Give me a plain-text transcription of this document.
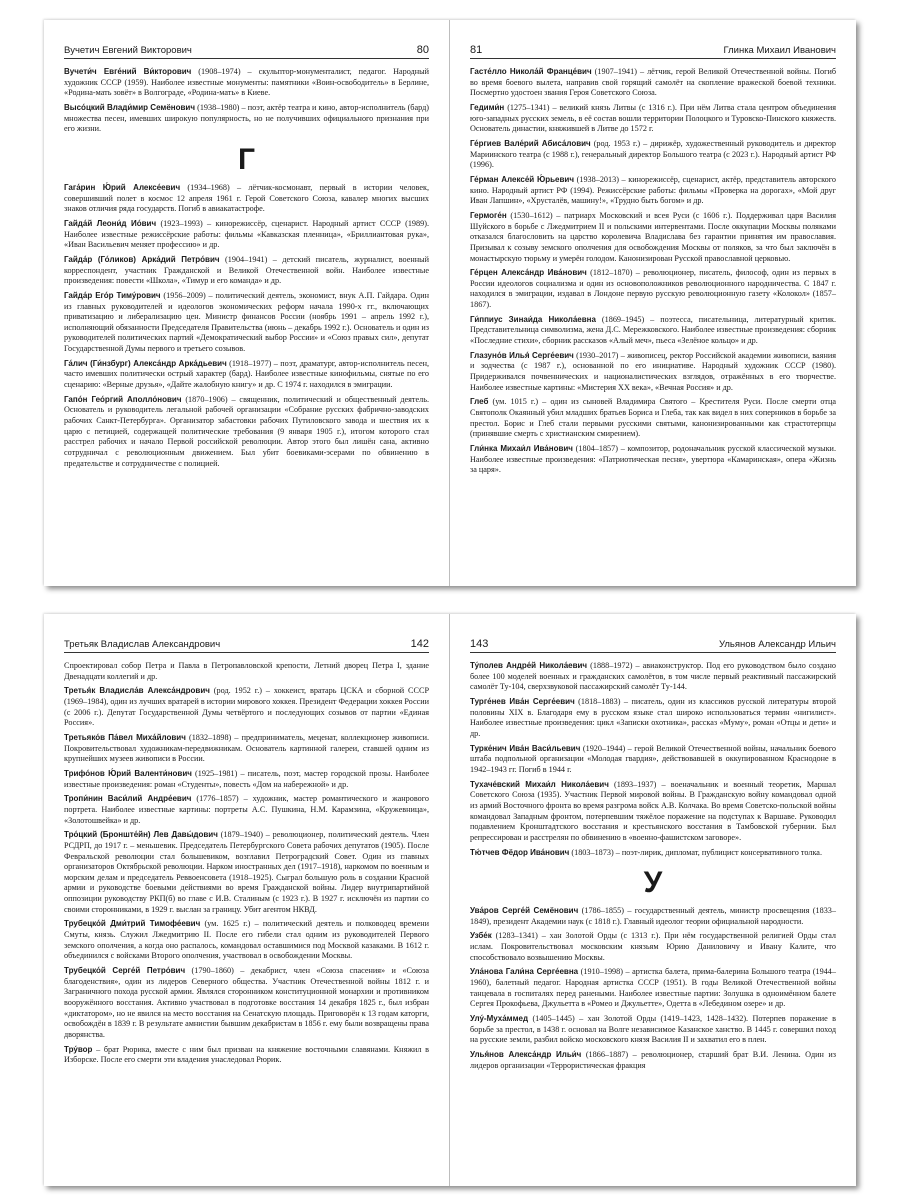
Вучетич Евгений Викторович	80

Вучети́ч Евге́ний Ви́кторович (1908–1974) – скульптор-монументалист, педагог. Народный художник СССР (1959). Наиболее известные монументы: памятники «Воин-освободитель» в Берлине, «Родина-мать зовёт» в Волгограде, «Родина-мать» в Киеве.

Высо́цкий Влади́мир Семёнович (1938–1980) – поэт, актёр театра и кино, автор-исполнитель (бард) множества песен, имевших широкую популярность, но не получивших официального признания при его жизни.

Г

Гага́рин Ю́рий Алексе́евич (1934–1968) – лётчик-космонавт, первый в истории человек, совершивший полет в космос 12 апреля 1961 г. Герой Советского Союза, кавалер многих высших знаков отличия ряда государств. Погиб в авиакатастрофе.

Гайда́й Леони́д Ио́вич (1923–1993) – кинорежиссёр, сценарист. Народный артист СССР (1989). Наиболее известные режиссёрские работы: фильмы «Кавказская пленница», «Бриллиантовая рука», «Иван Васильевич меняет профессию» и др.

Гайда́р (Го́ликов) Арка́дий Петро́вич (1904–1941) – детский писатель, журналист, военный корреспондент, участник Гражданской и Великой Отечественной войн. Наиболее известные произведения: повести «Школа», «Тимур и его команда» и др.

Гайда́р Его́р Тиму́рович (1956–2009) – политический деятель, экономист, внук А.П. Гайдара. Один из главных руководителей и идеологов экономических реформ начала 1990-х гг., включающих приватизацию и либерализацию цен. Министр финансов России (ноябрь 1991 – апрель 1992 г.), исполняющий обязанности Председателя Правительства (июнь – декабрь 1992 г.). Основатель и один из руководителей политических партий «Демократический выбор России» и «Союз правых сил», депутат Государственной Думы первого и третьего созывов.

Га́лич (Ги́нзбург) Алекса́ндр Арка́дьевич (1918–1977) – поэт, драматург, автор-исполнитель песен, часто имевших политически острый характер (бард). Наиболее известные кинофильмы, снятые по его сценарию: «Верные друзья», «Дайте жалобную книгу» и др. С 1974 г. находился в эмиграции.

Гапо́н Гео́ргий Аполло́нович (1870–1906) – священник, политический и общественный деятель. Основатель и руководитель легальной рабочей организации «Собрание русских фабрично-заводских рабочих Санкт-Петербурга». Организатор забастовки рабочих Путиловского завода и шествия их к царю с петицией, содержащей политические требования (9 января 1905 г.), итогом которого стал расстрел рабочих и начало Первой российской революции. Автор этого был лишён сана, активно сотрудничал с революционным движением. Был убит боевиками-эсерами по обвинению в предательстве и сотрудничестве с полицией.

81	Глинка Михаил Иванович

Гасте́лло Никола́й Франце́вич (1907–1941) – лётчик, герой Великой Отечественной войны. Погиб во время боевого вылета, направив свой горящий самолёт на скопление вражеской боевой техники. Посмертно удостоен звания Героя Советского Союза.

Гедими́н (1275–1341) – великий князь Литвы (с 1316 г.). При нём Литва стала центром объединения юго-западных русских земель, в её состав вошли территории Полоцкого и Туровско-Пинского княжеств. Основатель династии, княжившей в Литве до 1572 г.

Ге́ргиев Вале́рий Абиса́лович (род. 1953 г.) – дирижёр, художественный руководитель и директор Мариинского театра (с 1988 г.), генеральный директор Большого театра (с 2023 г.). Народный артист РФ (1996).

Ге́рман Алексе́й Ю́рьевич (1938–2013) – кинорежиссёр, сценарист, актёр, представитель авторского кино. Народный артист РФ (1994). Режиссёрские работы: фильмы «Проверка на дорогах», «Мой друг Иван Лапшин», «Хрусталёв, машину!», «Трудно быть богом» и др.

Гермоге́н (1530–1612) – патриарх Московский и всея Руси (с 1606 г.). Поддерживал царя Василия Шуйского в борьбе с Лжедмитрием II и польскими интервентами. После оккупации Москвы поляками отказался благословить на царство королевича Владислава без гарантии принятия им православия. Призывал к созыву земского ополчения для освобождения Москвы от поляков, за что был заключён в монастырскую тюрьму и умерён голодом. Канонизирован Русской православной церковью.

Ге́рцен Алекса́ндр Ива́нович (1812–1870) – революционер, писатель, философ, один из первых в России идеологов социализма и один из основоположников революционного народничества. С 1847 г. находился в эмиграции, издавал в Лондоне первую русскую революционную газету «Колокол» (1857–1867).

Ги́ппиус Зинаи́да Никола́евна (1869–1945) – поэтесса, писательница, литературный критик. Представительница символизма, жена Д.С. Мережковского. Наиболее известные произведения: сборник «Последние стихи», сборник рассказов «Алый меч», пьеса «Зелёное кольцо» и др.

Глазуно́в Илья́ Серге́евич (1930–2017) – живописец, ректор Российской академии живописи, ваяния и зодчества (с 1987 г.), основанной по его инициативе. Народный художник СССР (1980). Придерживался почвеннических и националистических взглядов, отражённых в его творчестве. Наиболее известные картины: «Мистерия XX века», «Вечная Россия» и др.

Глеб (ум. 1015 г.) – один из сыновей Владимира Святого – Крестителя Руси. После смерти отца Святополк Окаянный убил младших братьев Бориса и Глеба, так как видел в них соперников в борьбе за престол. Борис и Глеб стали первыми русскими святыми, канонизированными как страстотерпцы (принявшие смерть с христианским смирением).

Гли́нка Михаи́л Ива́нович (1804–1857) – композитор, родоначальник русской классической музыки. Наиболее известные произведения: «Патриотическая песня», увертюра «Камаринская», опера «Жизнь за царя».

Третьяк Владислав Александрович	142

Спроектировал собор Петра и Павла в Петропавловской крепости, Летний дворец Петра I, здание Двенадцати коллегий и др.

Третья́к Владисла́в Алекса́ндрович (род. 1952 г.) – хоккеист, вратарь ЦСКА и сборной СССР (1969–1984), один из лучших вратарей в истории мирового хоккея. Президент Федерации хоккея России (с 2006 г.). Депутат Государственной Думы четвёртого и последующих созывов от партии «Единая Россия».

Третьяко́в Па́вел Миха́йлович (1832–1898) – предприниматель, меценат, коллекционер живописи. Покровительствовал художникам-передвижникам. Основатель картинной галереи, ставшей одним из крупнейших музеев живописи в России.

Трифо́нов Ю́рий Валенти́нович (1925–1981) – писатель, поэт, мастер городской прозы. Наиболее известные произведения: роман «Студенты», повесть «Дом на набережной» и др.

Тропи́нин Васи́лий Андре́евич (1776–1857) – художник, мастер романтического и жанрового портрета. Наиболее известные картины: портреты А.С. Пушкина, Н.М. Карамзина, «Кружевница», «Золотошвейка» и др.

Тро́цкий (Бронште́йн) Лев Давы́дович (1879–1940) – революционер, политический деятель. Член РСДРП, до 1917 г. – меньшевик. Председатель Петербургского Совета рабочих депутатов (1905). После Февральской революции стал большевиком, возглавил Петроградский Совет. Один из главных организаторов Октябрьской революции. Нарком иностранных дел (1917–1918), наркомом по военным и морским делам и председатель Реввоенсовета (1918–1925). Сыграл большую роль в создании Красной армии и руководстве боевыми действиями во время Гражданской войны. Лидер внутрипартийной оппозиции руководству РКП(б) во главе с И.В. Сталиным (с 1923 г.). В 1927 г. исключён из партии со своими сторонниками, в 1929 г. выслан за границу. Убит агентом НКВД.

Трубецко́й Дми́трий Тимофе́евич (ум. 1625 г.) – политический деятель и полководец времени Смуты, князь. Служил Лжедмитрию II. После его гибели стал одним из руководителей Первого земского ополчения, а когда оно распалось, командовал оставшимися под Москвой казаками. В 1612 г. объединился с войсками Второго ополчения, участвовал в освобождении Москвы.

Трубецко́й Серге́й Петро́вич (1790–1860) – декабрист, член «Союза спасения» и «Союза благоденствия», один из лидеров Северного общества. Участник Отечественной войны 1812 г. и Заграничного похода русской армии. Являлся сторонником конституционной монархии и противником вооружённого восстания. Активно участвовал в подготовке восстания 14 декабря 1825 г., был избран «диктатором», но не явился на место восстания на Сенатскую площадь. Приговорён к 13 годам каторги, освобождён в 1839 г. В результате амнистии бывшим декабристам в 1856 г. ему были возвращены права дворянства.

Тру́вор – брат Рюрика, вместе с ним был призван на княжение восточными славянами. Княжил в Изборске. После его смерти эти владения унаследовал Рюрик.

143	Ульянов Александр Ильич

Ту́полев Андре́й Никола́евич (1888–1972) – авиаконструктор. Под его руководством было создано более 100 моделей военных и гражданских самолётов, в том числе первый реактивный пассажирский самолёт Ту-104, сверхзвуковой пассажирский самолёт Ту-144.

Турге́нев Ива́н Серге́евич (1818–1883) – писатель, один из классиков русской литературы второй половины XIX в. Благодаря ему в русском языке стал широко использоваться термин «нигилист». Наиболее известные произведения: цикл «Записки охотника», рассказ «Муму», роман «Отцы и дети» и др.

Турке́нич Ива́н Васи́льевич (1920–1944) – герой Великой Отечественной войны, начальник боевого штаба подпольной организации «Молодая гвардия», действовавшей в оккупированном Краснодоне в 1942–1943 гг. Погиб в 1944 г.

Тухаче́вский Михаи́л Никола́евич (1893–1937) – военачальник и военный теоретик, Маршал Советского Союза (1935). Участник Первой мировой войны. В Гражданскую войну командовал одной из армий Восточного фронта во время разгрома войск А.В. Колчака. Во время Советско-польской войны командовал Западным фронтом, потерпевшим тяжёлое поражение на подступах к Варшаве. Руководил подавлением Кронштадтского восстания и крестьянского восстания в Тамбовской губернии. Был репрессирован и расстрелян по обвинению в «военно-фашистском заговоре».

Тю́тчев Фёдор Ива́нович (1803–1873) – поэт-лирик, дипломат, публицист консервативного толка.

У

Ува́ров Серге́й Семёнович (1786–1855) – государственный деятель, министр просвещения (1833–1849), президент Академии наук (с 1818 г.). Главный идеолог теории официальной народности.

Узбе́к (1283–1341) – хан Золотой Орды (с 1313 г.). При нём государственной религией Орды стал ислам. Покровительствовал московским князьям Юрию Даниловичу и Ивану Калите, что способствовало возвышению Москвы.

Ула́нова Гали́на Серге́евна (1910–1998) – артистка балета, прима-балерина Большого театра (1944–1960), балетный педагог. Народная артистка СССР (1951). В годы Великой Отечественной войны танцевала в госпиталях перед ранеными. Наиболее известные партии: Золушка в одноимённом балете Сергея Прокофьева, Джульетта в «Ромео и Джульетте», Одетта в «Лебедином озере» и др.

Улу́-Муха́ммед (1405–1445) – хан Золотой Орды (1419–1423, 1428–1432). Потерпев поражение в борьбе за престол, в 1438 г. основал на Волге независимое Казанское ханство. В 1445 г. совершил поход на русские земли, разбил войско московского князя Василия II и захватил его в плен.

Улья́нов Алекса́ндр Ильи́ч (1866–1887) – революционер, старший брат В.И. Ленина. Один из лидеров организации «Террористическая фракция
